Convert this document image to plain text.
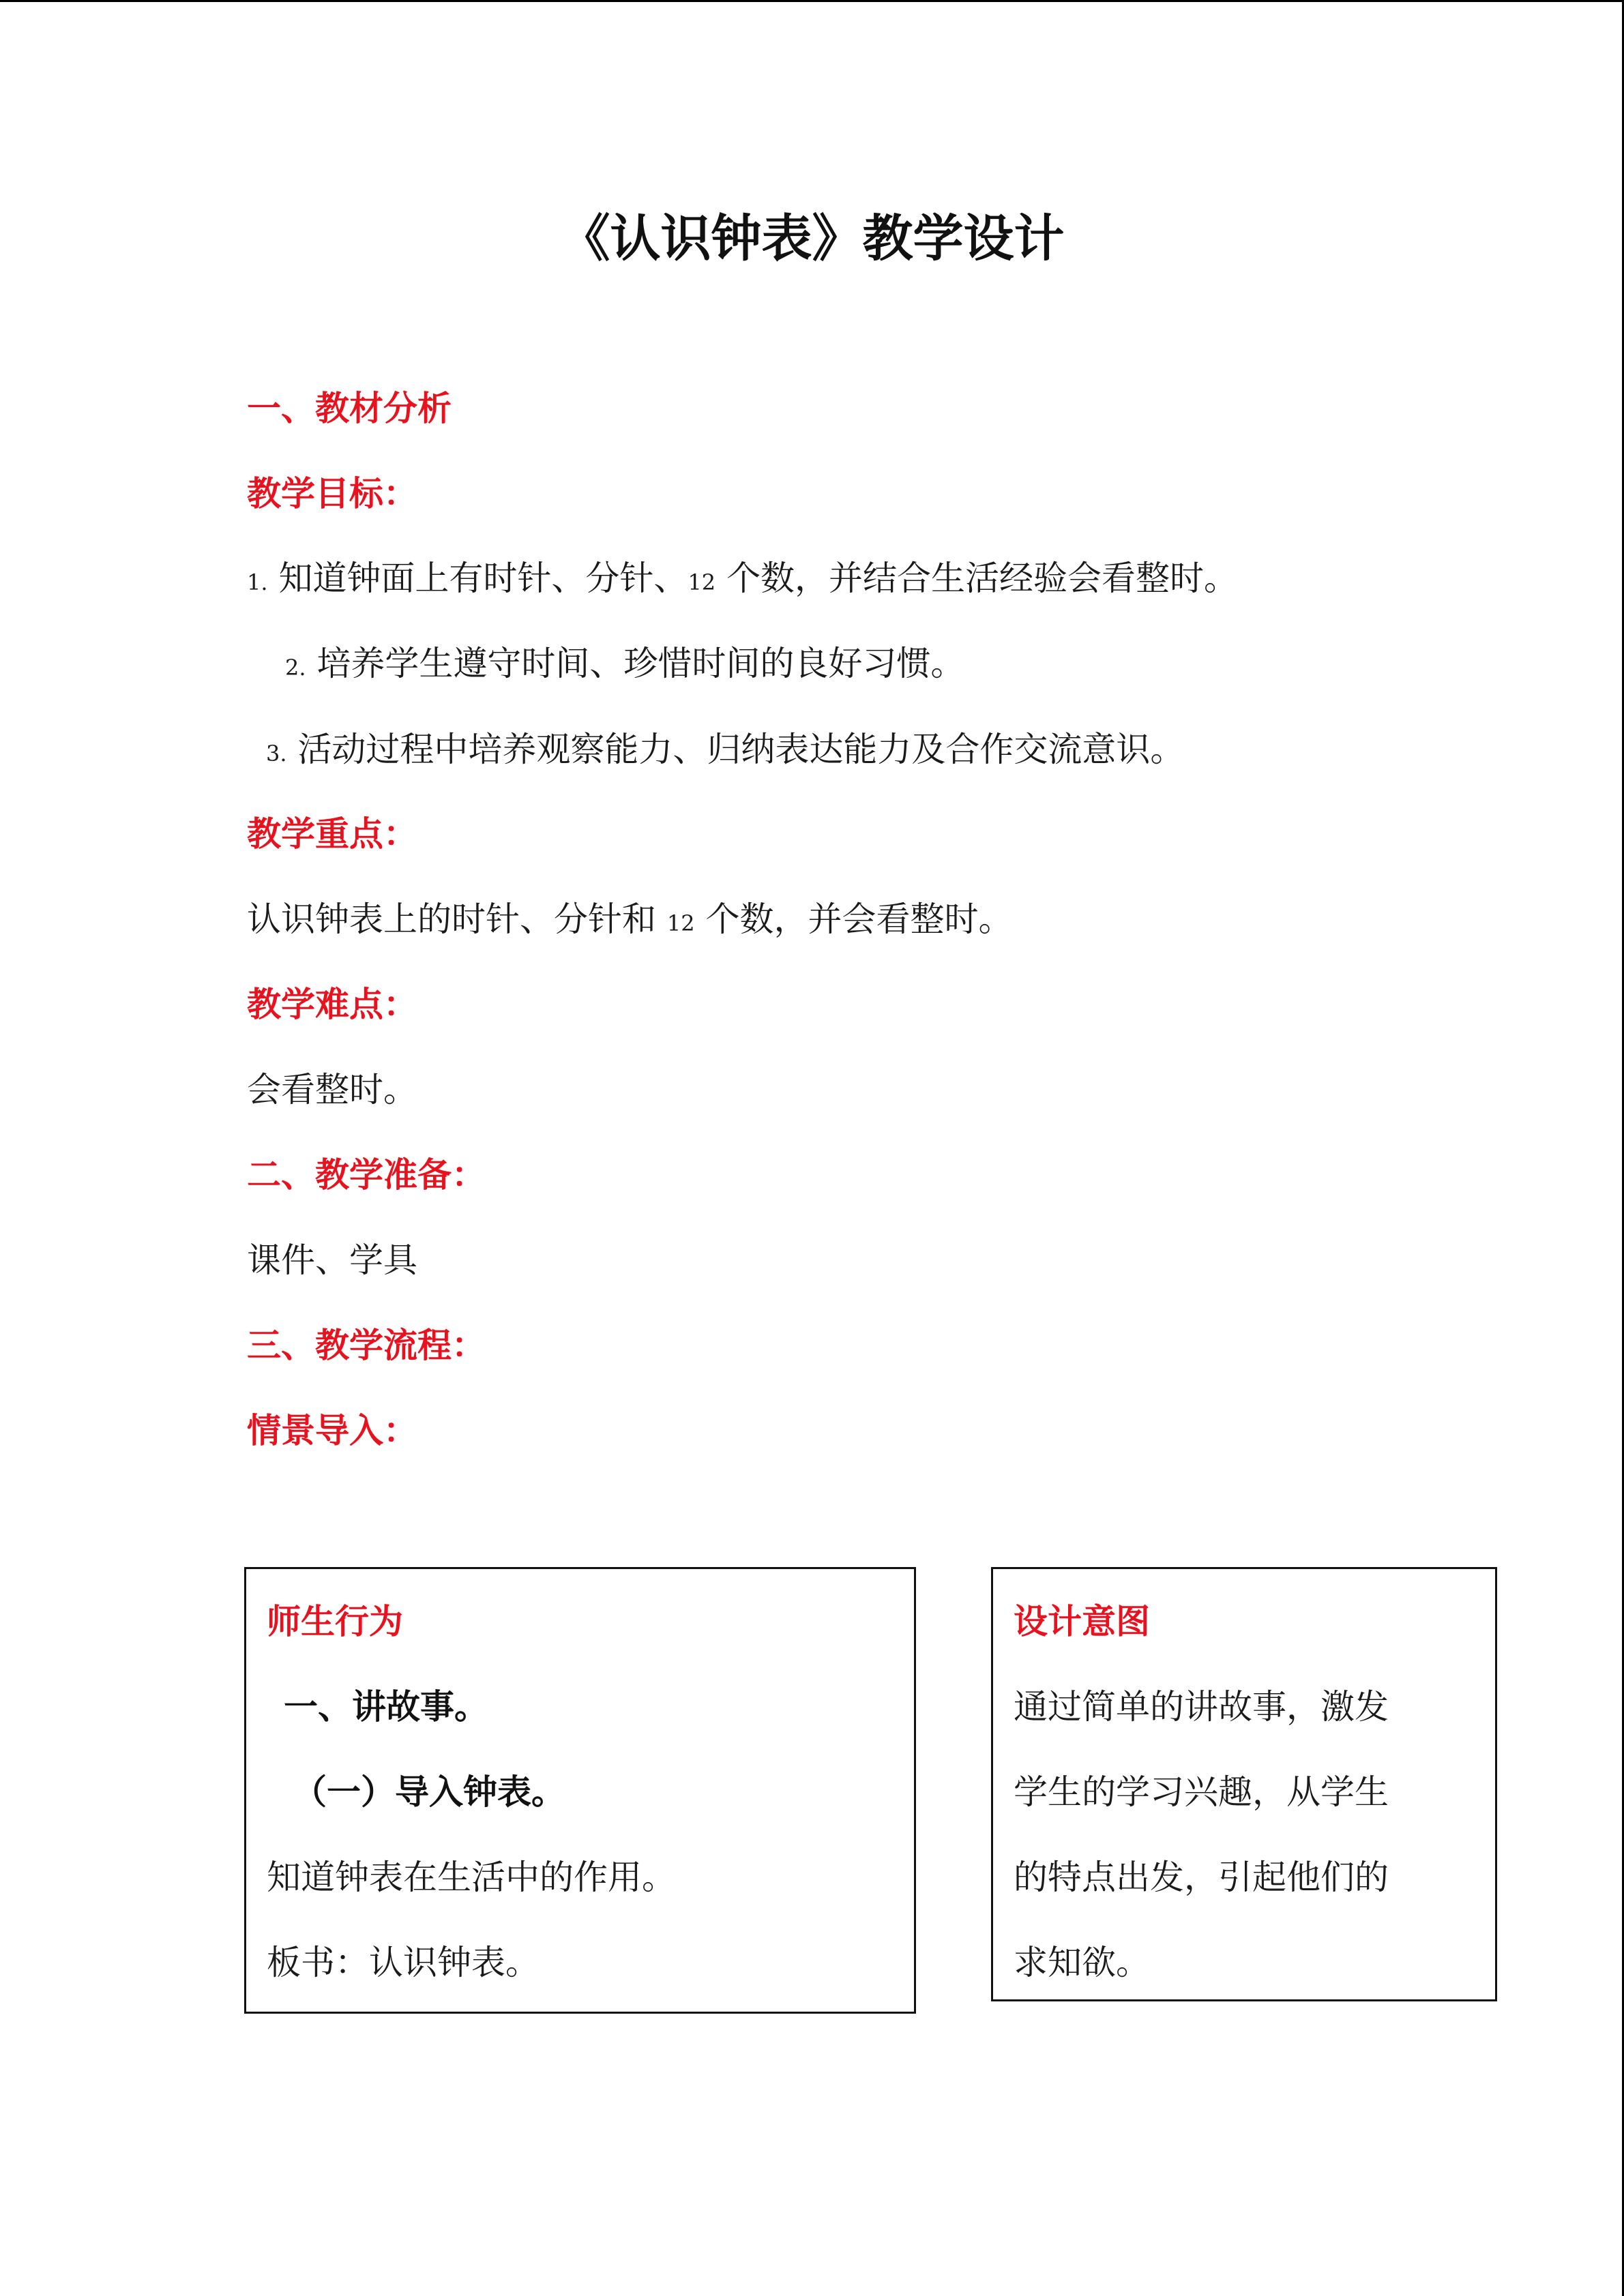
《认识钟表》教学设计
一、教材分析
教学目标：
1. 知道钟面上有时针、分针、12 个数，并结合生活经验会看整时。
2. 培养学生遵守时间、珍惜时间的良好习惯。
3. 活动过程中培养观察能力、归纳表达能力及合作交流意识。
教学重点：
认识钟表上的时针、分针和 12 个数，并会看整时。
教学难点：
会看整时。
二、教学准备：
课件、学具
三、教学流程：
情景导入：
师生行为
一、讲故事。
（一）导入钟表。
知道钟表在生活中的作用。
板书：认识钟表。
设计意图
通过简单的讲故事，激发
学生的学习兴趣，从学生
的特点出发，引起他们的
求知欲。
